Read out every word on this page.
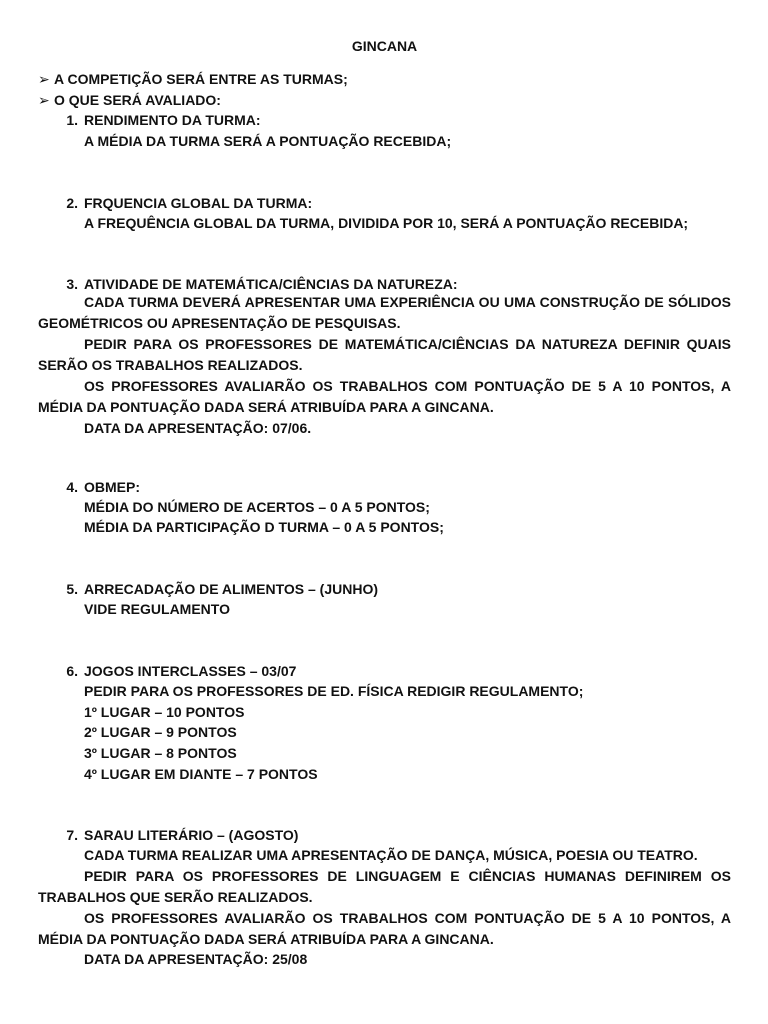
GINCANA
➢ A COMPETIÇÃO SERÁ ENTRE AS TURMAS;
➢ O QUE SERÁ AVALIADO:
1. RENDIMENTO DA TURMA:
A MÉDIA DA TURMA SERÁ A PONTUAÇÃO RECEBIDA;
2. FRQUENCIA GLOBAL DA TURMA:
A FREQUÊNCIA GLOBAL DA TURMA, DIVIDIDA POR 10, SERÁ A PONTUAÇÃO RECEBIDA;
3. ATIVIDADE DE MATEMÁTICA/CIÊNCIAS DA NATUREZA:
CADA TURMA DEVERÁ APRESENTAR UMA EXPERIÊNCIA OU UMA CONSTRUÇÃO DE SÓLIDOS GEOMÉTRICOS OU APRESENTAÇÃO DE PESQUISAS.
PEDIR PARA OS PROFESSORES DE MATEMÁTICA/CIÊNCIAS DA NATUREZA DEFINIR QUAIS SERÃO OS TRABALHOS REALIZADOS.
OS PROFESSORES AVALIARÃO OS TRABALHOS COM PONTUAÇÃO DE 5 A 10 PONTOS, A MÉDIA DA PONTUAÇÃO DADA SERÁ ATRIBUÍDA PARA A GINCANA.
DATA DA APRESENTAÇÃO: 07/06.
4. OBMEP:
MÉDIA DO NÚMERO DE ACERTOS – 0 A 5 PONTOS;
MÉDIA DA PARTICIPAÇÃO D TURMA – 0 A 5 PONTOS;
5. ARRECADAÇÃO DE ALIMENTOS – (JUNHO)
VIDE REGULAMENTO
6. JOGOS INTERCLASSES – 03/07
PEDIR PARA OS PROFESSORES DE ED. FÍSICA REDIGIR REGULAMENTO;
1º LUGAR – 10 PONTOS
2º LUGAR – 9 PONTOS
3º LUGAR – 8 PONTOS
4º LUGAR EM DIANTE – 7 PONTOS
7. SARAU LITERÁRIO – (AGOSTO)
CADA TURMA REALIZAR UMA APRESENTAÇÃO DE DANÇA, MÚSICA, POESIA OU TEATRO.
PEDIR PARA OS PROFESSORES DE LINGUAGEM E CIÊNCIAS HUMANAS DEFINIREM OS TRABALHOS QUE SERÃO REALIZADOS.
OS PROFESSORES AVALIARÃO OS TRABALHOS COM PONTUAÇÃO DE 5 A 10 PONTOS, A MÉDIA DA PONTUAÇÃO DADA SERÁ ATRIBUÍDA PARA A GINCANA.
DATA DA APRESENTAÇÃO: 25/08
